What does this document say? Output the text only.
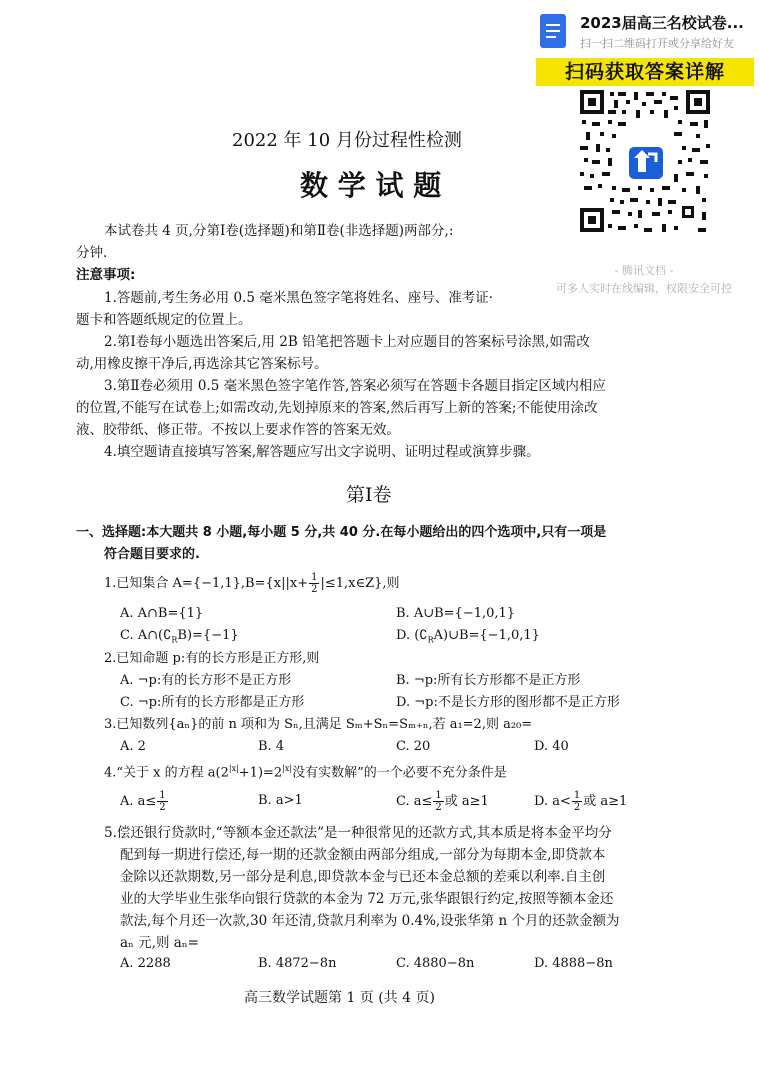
2023届高三名校试卷...
扫一扫二维码打开或分享给好友
扫码获取答案详解
- 腾讯文档 -
可多人实时在线编辑，权限安全可控
2022 年 10 月份过程性检测
数 学 试 题
本试卷共 4 页,分第Ⅰ卷(选择题)和第Ⅱ卷(非选择题)两部分,:
分钟.
注意事项:
1.答题前,考生务必用 0.5 毫米黑色签字笔将姓名、座号、准考证·
题卡和答题纸规定的位置上。
2.第Ⅰ卷每小题选出答案后,用 2B 铅笔把答题卡上对应题目的答案标号涂黑,如需改
动,用橡皮擦干净后,再选涂其它答案标号。
3.第Ⅱ卷必须用 0.5 毫米黑色签字笔作答,答案必须写在答题卡各题目指定区域内相应
的位置,不能写在试卷上;如需改动,先划掉原来的答案,然后再写上新的答案;不能使用涂改
液、胶带纸、修正带。不按以上要求作答的答案无效。
4.填空题请直接填写答案,解答题应写出文字说明、证明过程或演算步骤。
第Ⅰ卷
一、选择题:本大题共 8 小题,每小题 5 分,共 40 分.在每小题给出的四个选项中,只有一项是
符合题目要求的.
1.已知集合 $A=\{-1,1\},B=\{x||x+ \frac{1}{2}$ |≤1,x∈Z},则
A. A∩B={1}	B. A∪B={−1,0,1}
C. $A\cap(∁_RB)=\{-1\}$	D. $(∁_RA)\cup B=\{-1,0,1\}$
2.已知命题 p:有的长方形是正方形,则
A. ¬p:有的长方形不是正方形	B. ¬p:所有长方形都不是正方形
C. ¬p:所有的长方形都是正方形	D. ¬p:不是长方形的图形都不是正方形
3.已知数列{aₙ}的前 n 项和为 Sₙ,且满足 Sₘ+Sₙ=Sₘ₊ₙ,若 a₁=2,则 a₂₀=
A. 2	B. 4	C. 20	D. 40
4.“关于 x 的方程 $a(2^{|x|}+1)=2^{|x|}$没有实数解”的一个必要不充分条件是
A. $a\le \frac{1}{2}$	B. a>1	C. $a\le \frac{1}{2}$ 或 a≥1	D. $a< \frac{1}{2}$ 或 a≥1
5.偿还银行贷款时,“等额本金还款法”是一种很常见的还款方式,其本质是将本金平均分
配到每一期进行偿还,每一期的还款金额由两部分组成,一部分为每期本金,即贷款本
金除以还款期数,另一部分是利息,即贷款本金与已还本金总额的差乘以利率.自主创
业的大学毕业生张华向银行贷款的本金为 72 万元,张华跟银行约定,按照等额本金还
款法,每个月还一次款,30 年还清,贷款月利率为 0.4%,设张华第 n 个月的还款金额为
aₙ 元,则 aₙ=
A. 2288	B. 4872−8n	C. 4880−8n	D. 4888−8n
高三数学试题第 1 页 (共 4 页)
